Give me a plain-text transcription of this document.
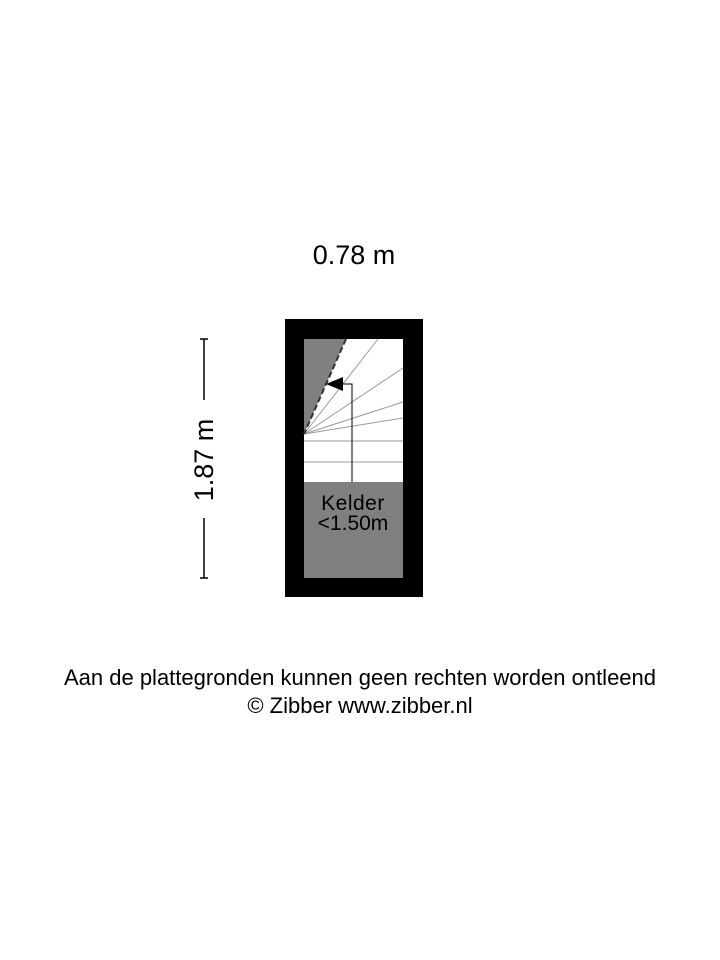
0.78 m
1.87 m
Kelder
<1.50m
Aan de plattegronden kunnen geen rechten worden ontleend
© Zibber www.zibber.nl
